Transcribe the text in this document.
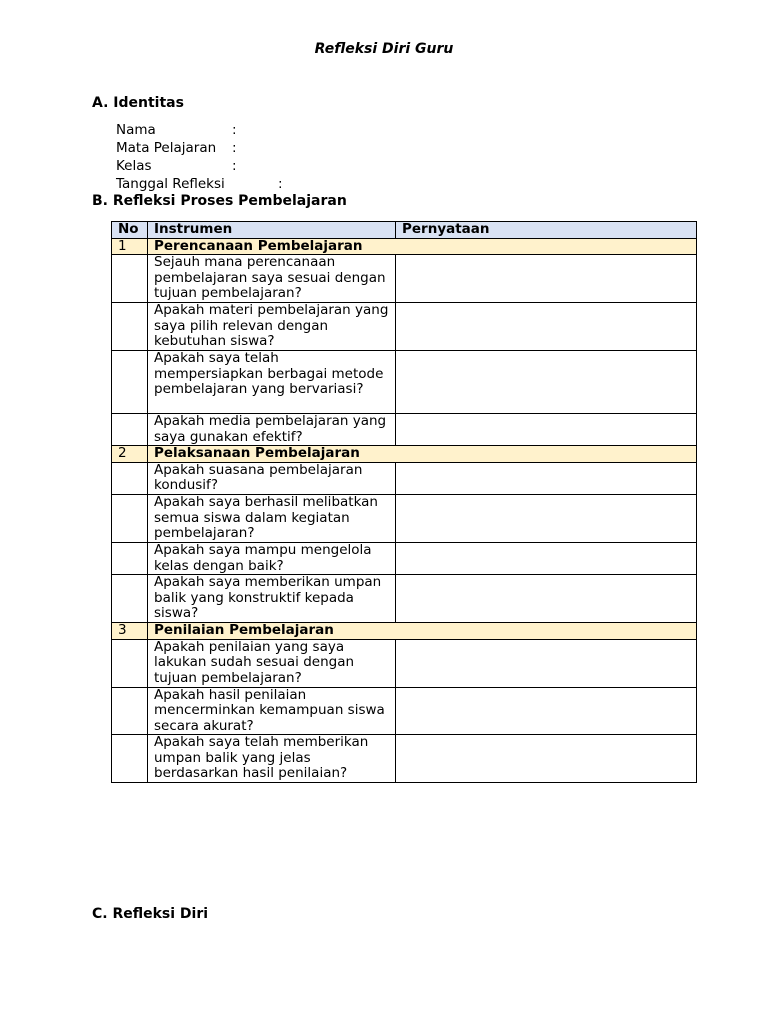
Refleksi Diri Guru
A. Identitas
Nama	:
Mata Pelajaran :
Kelas	:
Tanggal Refleksi	:
B. Refleksi Proses Pembelajaran
No	Instrumen	Pernyataan
1	Perencanaan Pembelajaran	
	Sejauh mana perencanaan pembelajaran saya sesuai dengan tujuan pembelajaran?	
	Apakah materi pembelajaran yang saya pilih relevan dengan kebutuhan siswa?	
	Apakah saya telah mempersiapkan berbagai metode pembelajaran yang bervariasi?	
	Apakah media pembelajaran yang saya gunakan efektif?	
2	Pelaksanaan Pembelajaran	
	Apakah suasana pembelajaran kondusif?	
	Apakah saya berhasil melibatkan semua siswa dalam kegiatan pembelajaran?	
	Apakah saya mampu mengelola kelas dengan baik?	
	Apakah saya memberikan umpan balik yang konstruktif kepada siswa?	
3	Penilaian Pembelajaran	
	Apakah penilaian yang saya lakukan sudah sesuai dengan tujuan pembelajaran?	
	Apakah hasil penilaian mencerminkan kemampuan siswa secara akurat?	
	Apakah saya telah memberikan umpan balik yang jelas berdasarkan hasil penilaian?	
C. Refleksi Diri
